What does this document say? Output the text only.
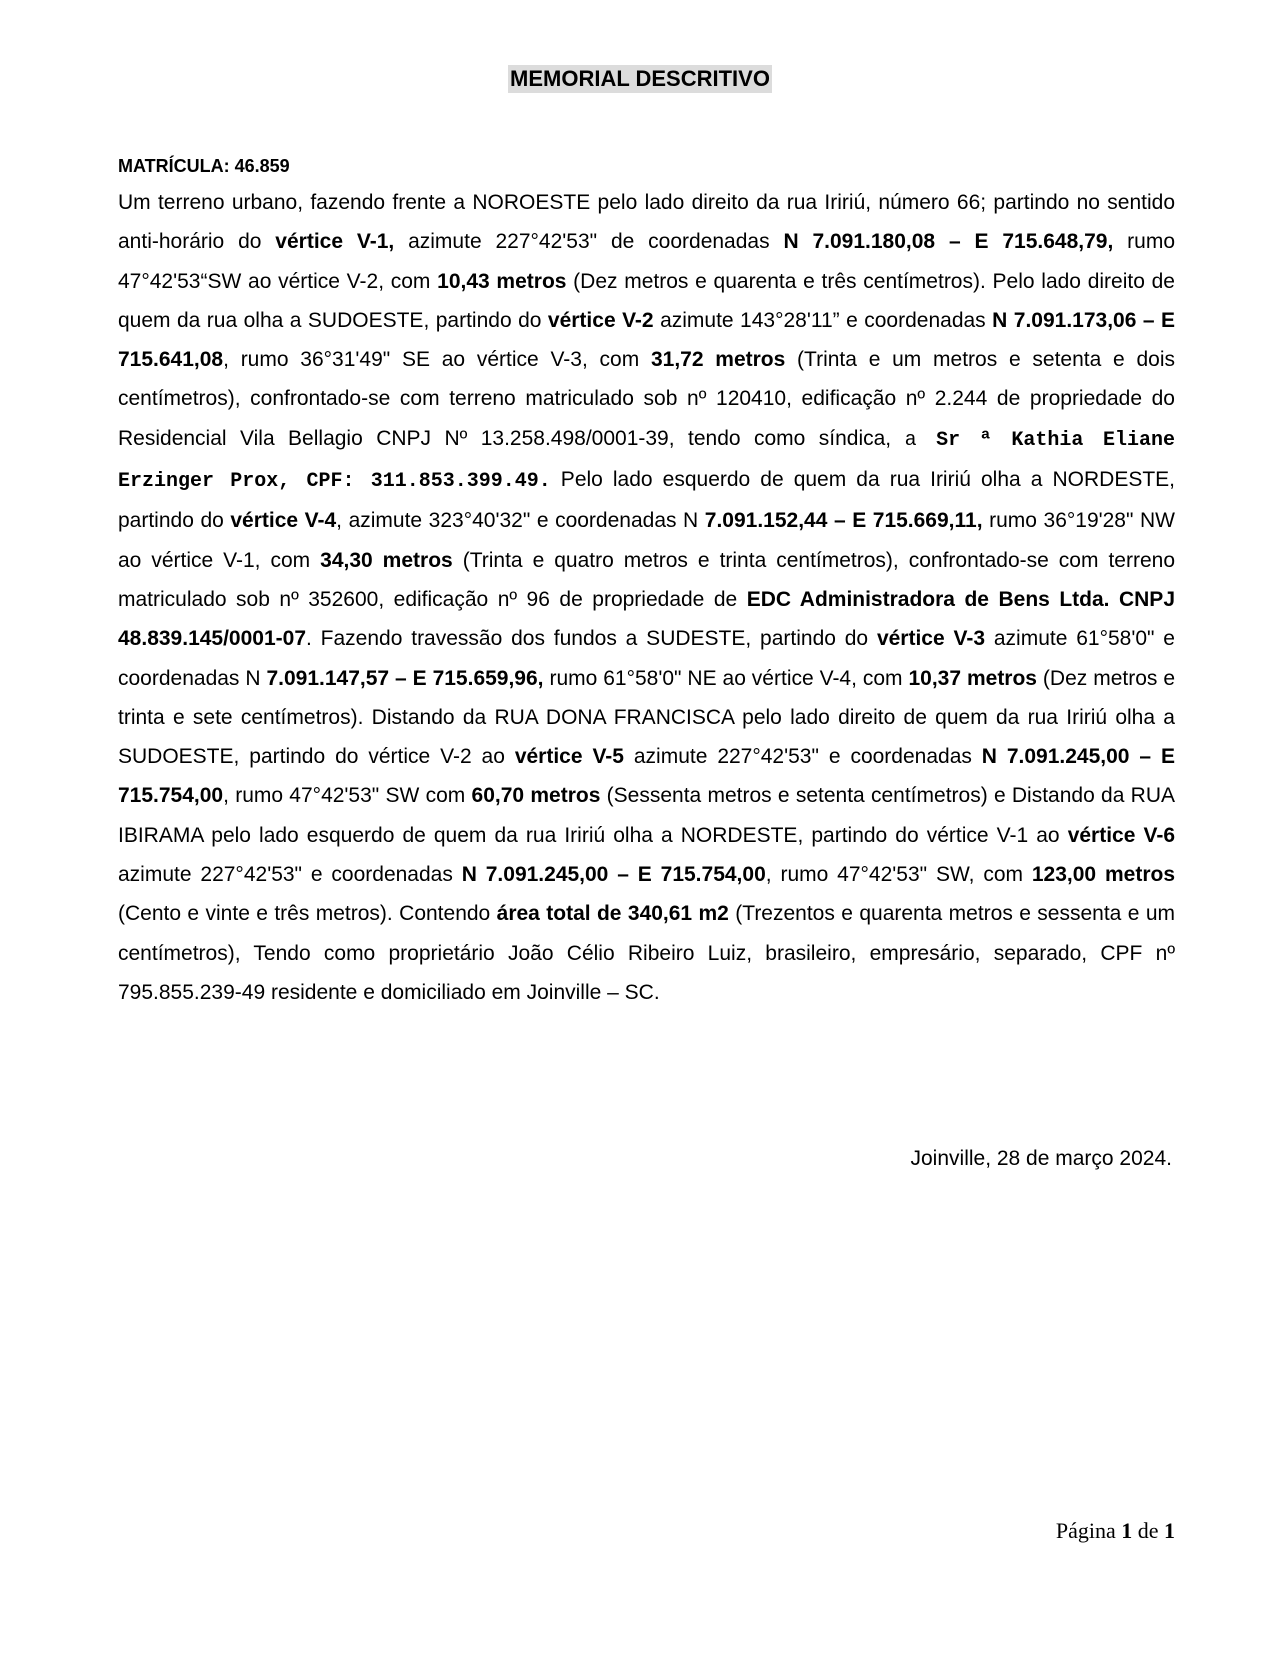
MEMORIAL DESCRITIVO
MATRÍCULA: 46.859

Um terreno urbano, fazendo frente a NOROESTE pelo lado direito da rua Iririú, número 66; partindo no sentido anti-horário do vértice V-1, azimute 227°42'53" de coordenadas N 7.091.180,08 – E 715.648,79, rumo 47°42'53“SW ao vértice V-2, com 10,43 metros (Dez metros e quarenta e três centímetros). Pelo lado direito de quem da rua olha a SUDOESTE, partindo do vértice V-2 azimute 143°28'11” e coordenadas N 7.091.173,06 – E 715.641,08, rumo 36°31'49" SE ao vértice V-3, com 31,72 metros (Trinta e um metros e setenta e dois centímetros), confrontado-se com terreno matriculado sob nº 120410, edificação nº 2.244 de propriedade do Residencial Vila Bellagio CNPJ Nº 13.258.498/0001-39, tendo como síndica, a Sr ª Kathia Eliane Erzinger Prox, CPF: 311.853.399.49. Pelo lado esquerdo de quem da rua Iririú olha a NORDESTE, partindo do vértice V-4, azimute 323°40'32" e coordenadas N 7.091.152,44 – E 715.669,11, rumo 36°19'28" NW ao vértice V-1, com 34,30 metros (Trinta e quatro metros e trinta centímetros), confrontado-se com terreno matriculado sob nº 352600, edificação nº 96 de propriedade de EDC Administradora de Bens Ltda. CNPJ 48.839.145/0001-07. Fazendo travessão dos fundos a SUDESTE, partindo do vértice V-3 azimute 61°58'0" e coordenadas N 7.091.147,57 – E 715.659,96, rumo 61°58'0" NE ao vértice V-4, com 10,37 metros (Dez metros e trinta e sete centímetros). Distando da RUA DONA FRANCISCA pelo lado direito de quem da rua Iririú olha a SUDOESTE, partindo do vértice V-2 ao vértice V-5 azimute 227°42'53" e coordenadas N 7.091.245,00 – E 715.754,00, rumo 47°42'53" SW com 60,70 metros (Sessenta metros e setenta centímetros) e Distando da RUA IBIRAMA pelo lado esquerdo de quem da rua Iririú olha a NORDESTE, partindo do vértice V-1 ao vértice V-6 azimute 227°42'53" e coordenadas N 7.091.245,00 – E 715.754,00, rumo 47°42'53" SW, com 123,00 metros (Cento e vinte e três metros). Contendo área total de 340,61 m2 (Trezentos e quarenta metros e sessenta e um centímetros), Tendo como proprietário João Célio Ribeiro Luiz, brasileiro, empresário, separado, CPF nº 795.855.239-49 residente e domiciliado em Joinville – SC.

Joinville, 28 de março 2024.
Página 1 de 1
